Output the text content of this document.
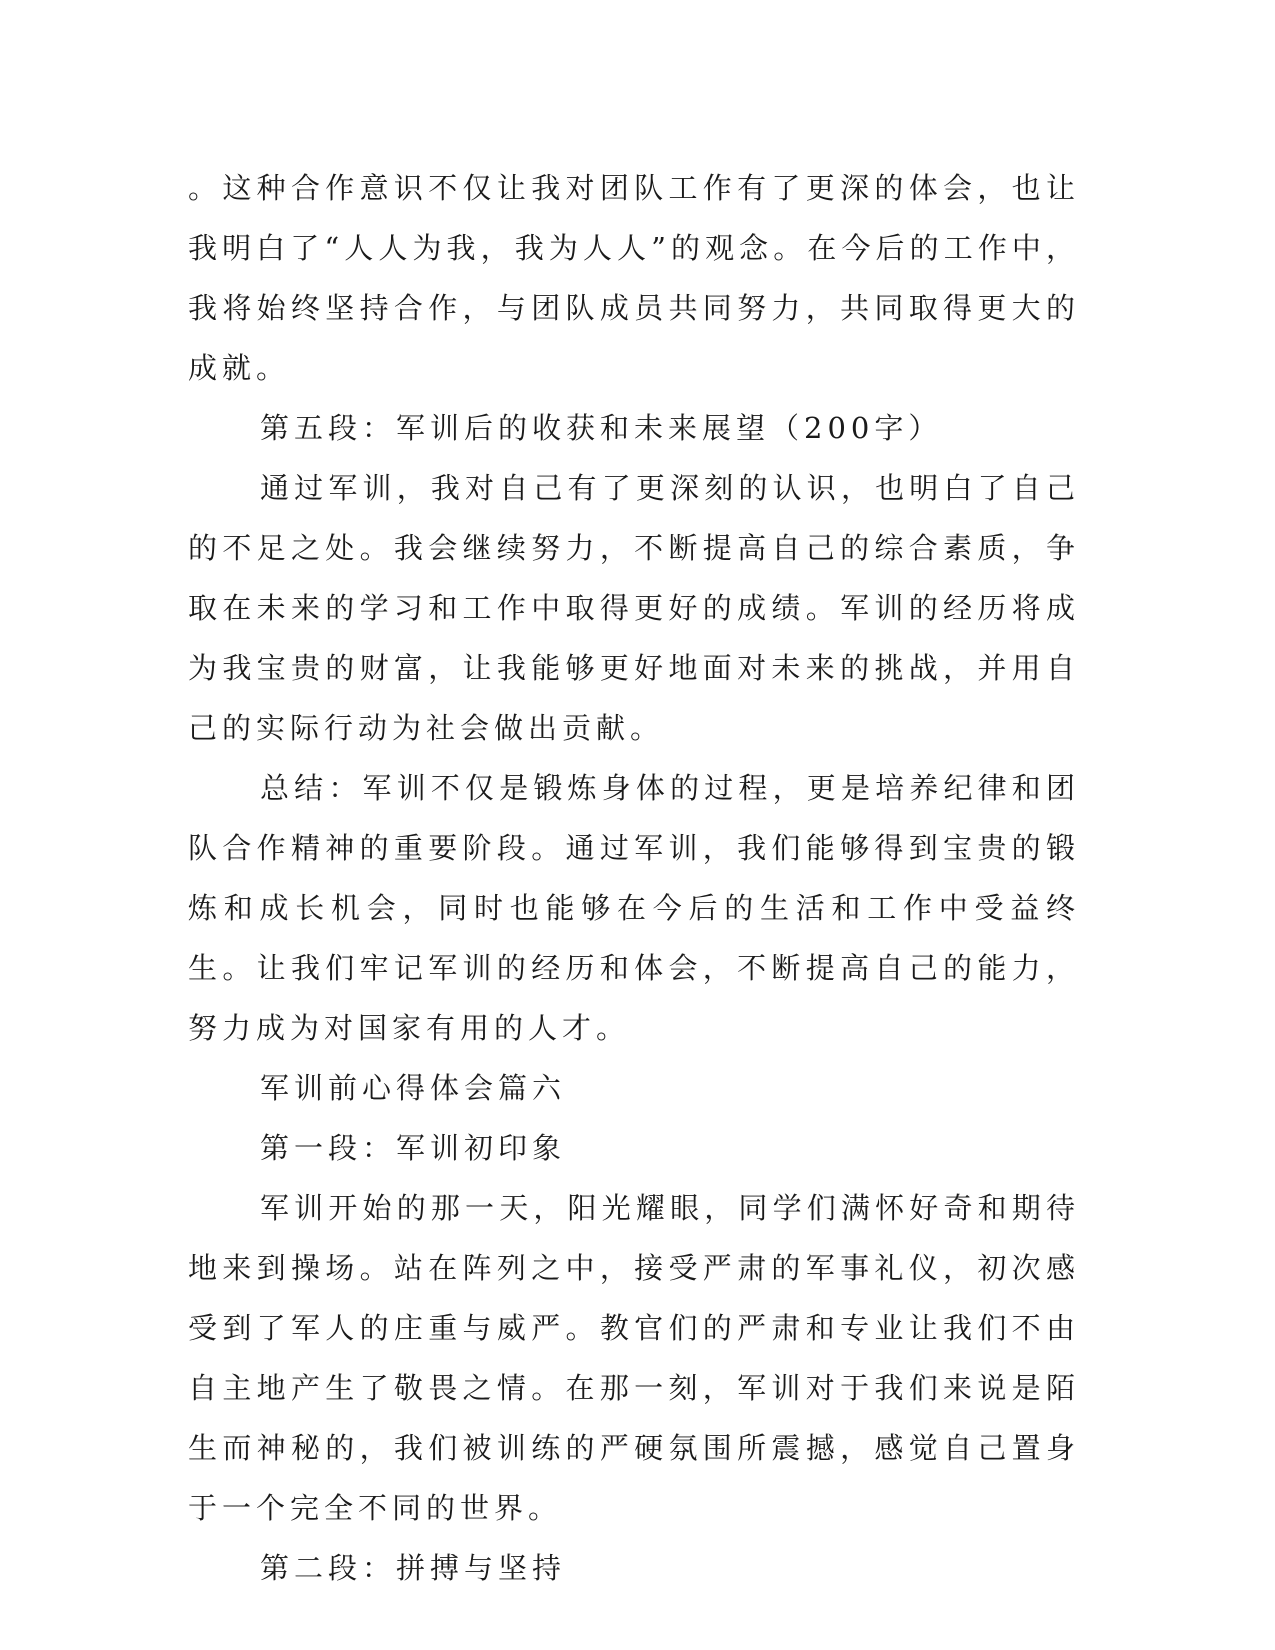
。这种合作意识不仅让我对团队工作有了更深的体会，也让我明白了“人人为我，我为人人”的观念。在今后的工作中，我将始终坚持合作，与团队成员共同努力，共同取得更大的成就。

第五段：军训后的收获和未来展望（200字）

通过军训，我对自己有了更深刻的认识，也明白了自己的不足之处。我会继续努力，不断提高自己的综合素质，争取在未来的学习和工作中取得更好的成绩。军训的经历将成为我宝贵的财富，让我能够更好地面对未来的挑战，并用自己的实际行动为社会做出贡献。

总结：军训不仅是锻炼身体的过程，更是培养纪律和团队合作精神的重要阶段。通过军训，我们能够得到宝贵的锻炼和成长机会，同时也能够在今后的生活和工作中受益终生。让我们牢记军训的经历和体会，不断提高自己的能力，努力成为对国家有用的人才。

军训前心得体会篇六

第一段：军训初印象

军训开始的那一天，阳光耀眼，同学们满怀好奇和期待地来到操场。站在阵列之中，接受严肃的军事礼仪，初次感受到了军人的庄重与威严。教官们的严肃和专业让我们不由自主地产生了敬畏之情。在那一刻，军训对于我们来说是陌生而神秘的，我们被训练的严硬氛围所震撼，感觉自己置身于一个完全不同的世界。

第二段：拼搏与坚持
